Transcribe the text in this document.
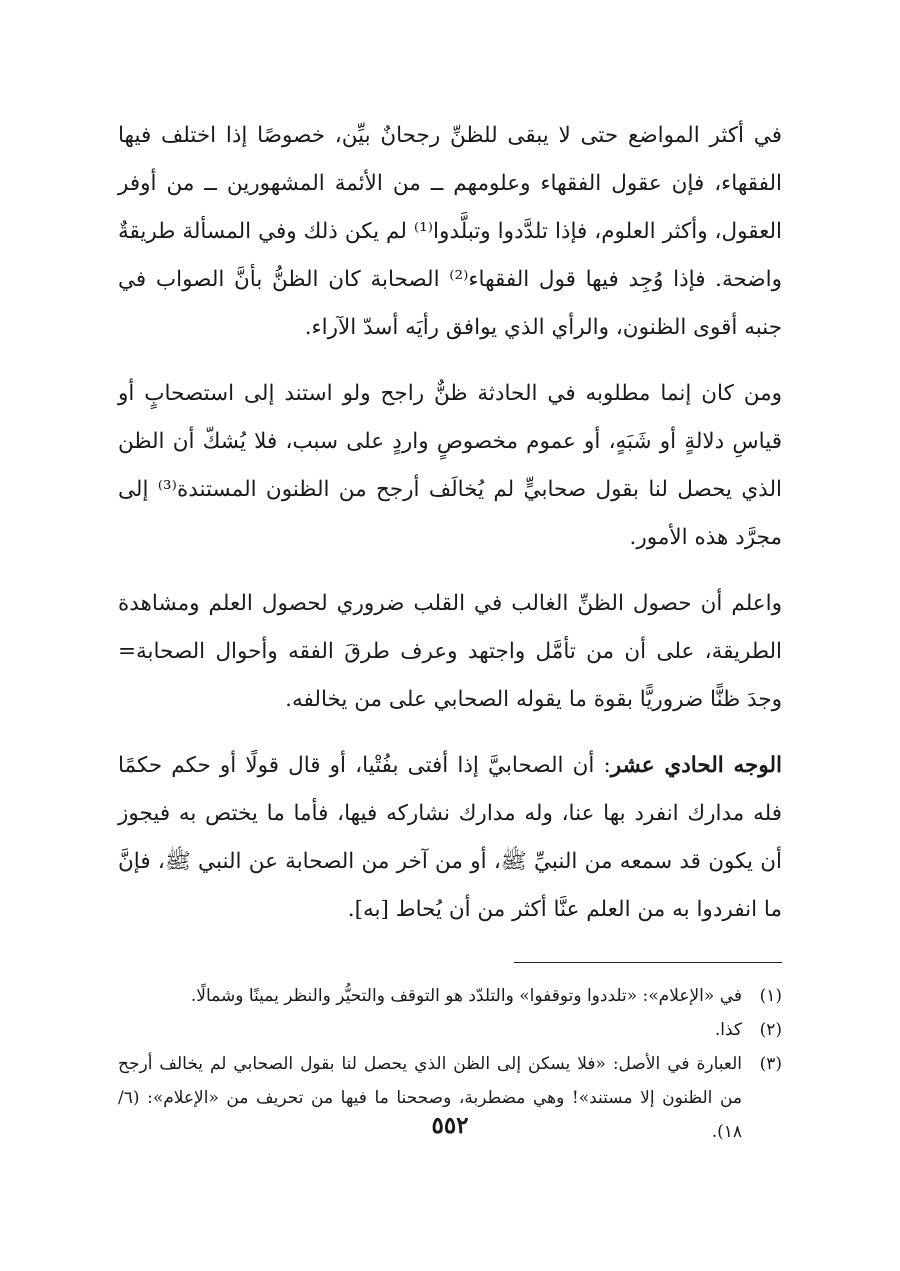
في أكثر المواضع حتى لا يبقى للظنِّ رجحانٌ بيِّن، خصوصًا إذا اختلف فيها الفقهاء، فإن عقول الفقهاء وعلومهم ــ من الأئمة المشهورين ــ من أوفر العقول، وأكثر العلوم، فإذا تلدَّدوا وتبلَّدوا⁽¹⁾ لم يكن ذلك وفي المسألة طريقةٌ واضحة. فإذا وُجِد فيها قول الفقهاء⁽²⁾ الصحابة كان الظنُّ بأنَّ الصواب في جنبه أقوى الظنون، والرأي الذي يوافق رأيَه أسدّ الآراء.

ومن كان إنما مطلوبه في الحادثة ظنٌّ راجح ولو استند إلى استصحابٍ أو قياسِ دلالةٍ أو شَبَهٍ، أو عموم مخصوصٍ واردٍ على سبب، فلا يُشكّ أن الظن الذي يحصل لنا بقول صحابيٍّ لم يُخالَف أرجح من الظنون المستندة⁽³⁾ إلى مجرَّد هذه الأمور.

واعلم أن حصول الظنِّ الغالب في القلب ضروري لحصول العلم ومشاهدة الطريقة، على أن من تأمَّل واجتهد وعرف طرقَ الفقه وأحوال الصحابة= وجدَ ظنًّا ضروريًّا بقوة ما يقوله الصحابي على من يخالفه.

الوجه الحادي عشر: أن الصحابيَّ إذا أفتى بفُتْيا، أو قال قولًا أو حكم حكمًا فله مدارك انفرد بها عنا، وله مدارك نشاركه فيها، فأما ما يختص به فيجوز أن يكون قد سمعه من النبيِّ ﷺ، أو من آخر من الصحابة عن النبي ﷺ، فإنَّ ما انفردوا به من العلم عنَّا أكثر من أن يُحاط [به].

(١)
في «الإعلام»: «تلددوا وتوقفوا» والتلدّد هو التوقف والتحيُّر والنظر يمينًا وشمالًا.
(٢)
كذا.
(٣)
العبارة في الأصل: «فلا يسكن إلى الظن الذي يحصل لنا بقول الصحابي لم يخالف أرجح من الظنون إلا مستند»! وهي مضطربة، وصححنا ما فيها من تحريف من «الإعلام»: (٦/ ١٨).
٥٥٢
